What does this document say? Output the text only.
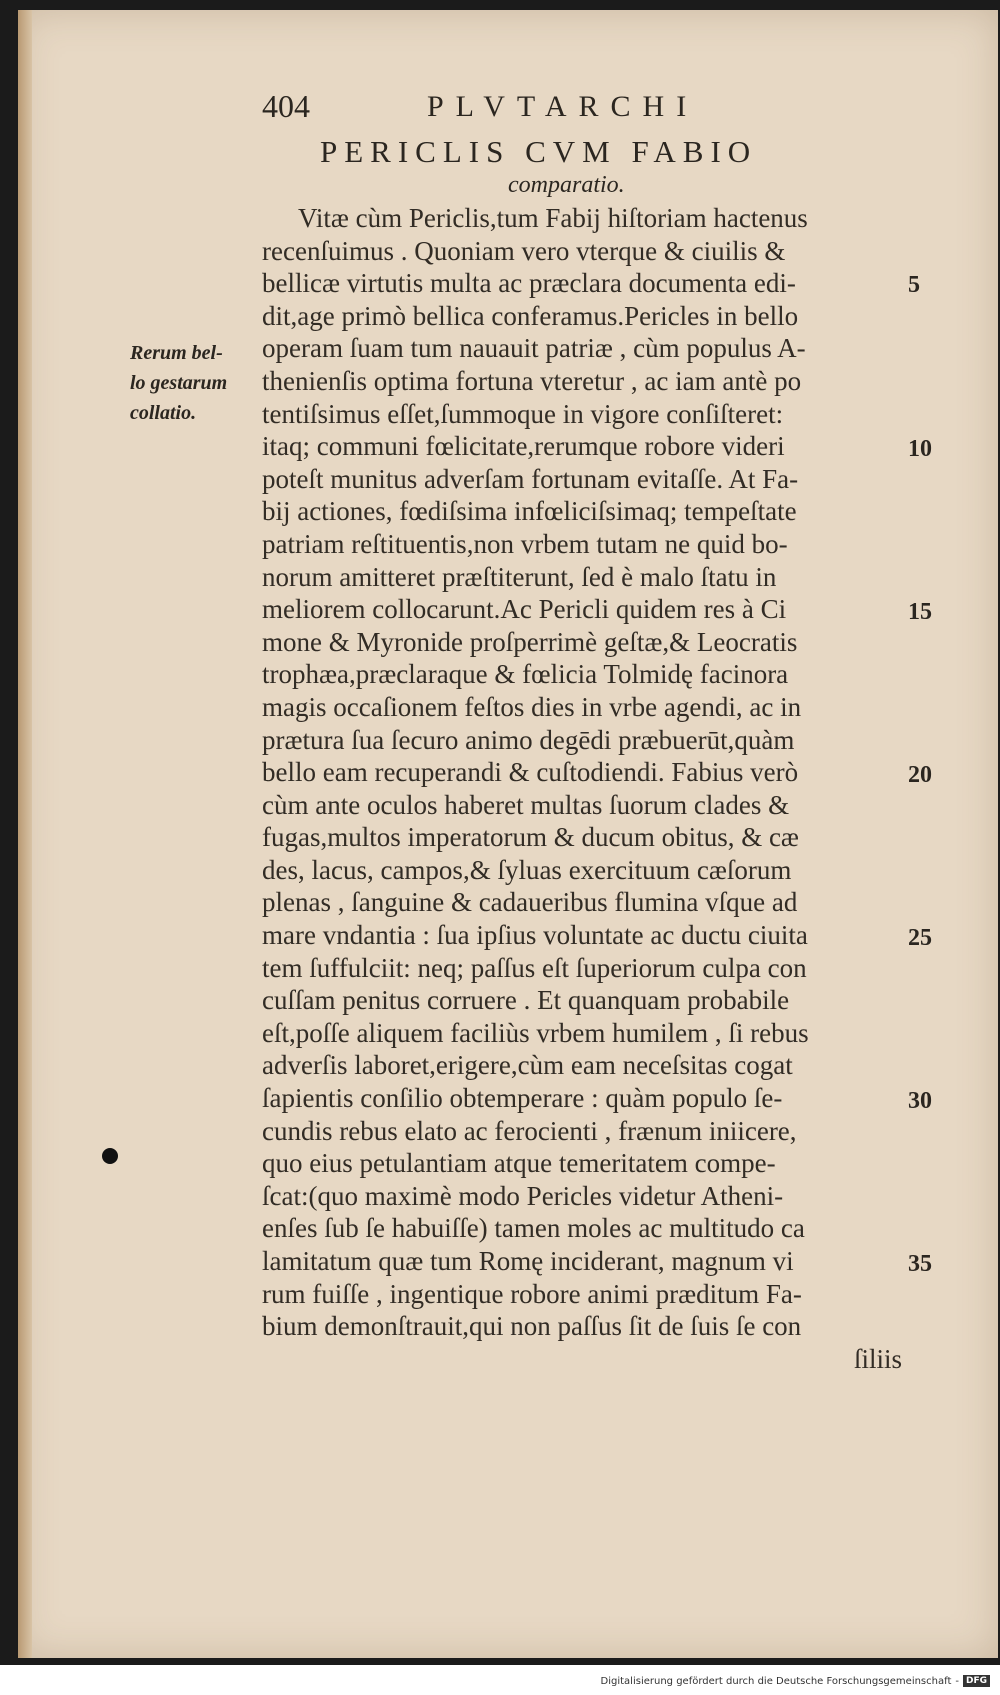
404	PLVTARCHI
PERICLIS CVM FABIO
comparatio.
Rerum bel-
lo gestarum
collatio.
Vitæ cùm Periclis,tum Fabij hiſtoriam hactenus
recenſuimus . Quoniam vero vterque & ciuilis &
bellicæ virtutis multa ac præclara documenta edi-
dit,age primò bellica conferamus.Pericles in bello
operam ſuam tum nauauit patriæ , cùm populus A-
thenienſis optima fortuna vteretur , ac iam antè po
tentiſsimus eſſet,ſummoque in vigore conſiſteret:
itaq; communi fœlicitate,rerumque robore videri
poteſt munitus adverſam fortunam evitaſſe. At Fa-
bij actiones, fœdiſsima infœliciſsimaq; tempeſtate
patriam reſtituentis,non vrbem tutam ne quid bo-
norum amitteret præſtiterunt, ſed è malo ſtatu in
meliorem collocarunt.Ac Pericli quidem res à Ci
mone & Myronide proſperrimè geſtæ,& Leocratis
trophæa,præclaraque & fœlicia Tolmidę facinora
magis occaſionem feſtos dies in vrbe agendi, ac in
prætura ſua ſecuro animo degēdi præbuerūt,quàm
bello eam recuperandi & cuſtodiendi. Fabius verò
cùm ante oculos haberet multas ſuorum clades &
fugas,multos imperatorum & ducum obitus, & cæ
des, lacus, campos,& ſyluas exercituum cæſorum
plenas , ſanguine & cadaueribus flumina vſque ad
mare vndantia : ſua ipſius voluntate ac ductu ciuita
tem ſuffulciit: neq; paſſus eſt ſuperiorum culpa con
cuſſam penitus corruere . Et quanquam probabile
eſt,poſſe aliquem faciliùs vrbem humilem , ſi rebus
adverſis laboret,erigere,cùm eam neceſsitas cogat
ſapientis conſilio obtemperare : quàm populo ſe-
cundis rebus elato ac ferocienti , frænum iniicere,
quo eius petulantiam atque temeritatem compe-
ſcat:(quo maximè modo Pericles videtur Atheni-
enſes ſub ſe habuiſſe) tamen moles ac multitudo ca
lamitatum quæ tum Romę inciderant, magnum vi
rum fuiſſe , ingentique robore animi præditum Fa-
bium demonſtrauit,qui non paſſus ſit de ſuis ſe con
ſiliis
5
10
15
20
25
30
35
Digitalisierung gefördert durch die Deutsche Forschungsgemeinschaft - DFG
